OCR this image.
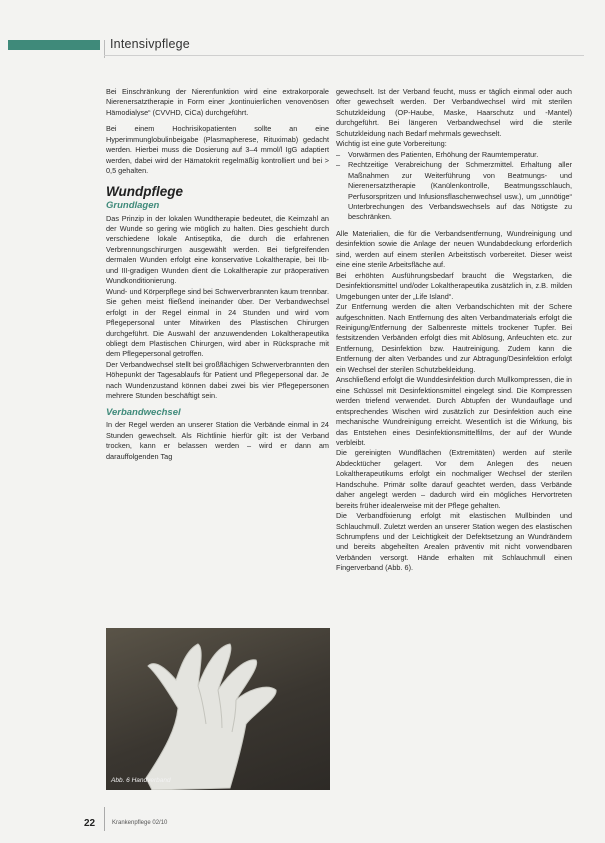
Intensivpflege

Bei Einschränkung der Nierenfunktion wird eine extrakorporale Nierenersatztherapie in Form einer „kontinuierlichen venovenösen Hämodialyse“ (CVVHD, CiCa) durchgeführt.

Bei einem Hochrisikopatienten sollte an eine Hyperimmunglobulinbeigabe (Plasmapherese, Rituximab) gedacht werden. Hierbei muss die Dosierung auf 3–4 mmol/l IgG adaptiert werden, dabei wird der Hämatokrit regelmäßig kontrolliert und bei > 0,5 gehalten.

Wundpflege
Grundlagen

Das Prinzip in der lokalen Wundtherapie bedeutet, die Keimzahl an der Wunde so gering wie möglich zu halten. Dies geschieht durch verschiedene lokale Antiseptika, die durch die erfahrenen Verbrennungschirurgen ausgewählt werden. Bei tiefgreifenden dermalen Wunden erfolgt eine konservative Lokaltherapie, bei IIb- und III-gradigen Wunden dient die Lokaltherapie zur präoperativen Wundkonditionierung.

Wund- und Körperpflege sind bei Schwerverbrannten kaum trennbar. Sie gehen meist fließend ineinander über. Der Verbandwechsel erfolgt in der Regel einmal in 24 Stunden und wird vom Pflegepersonal unter Mitwirken des Plastischen Chirurgen durchgeführt. Die Auswahl der anzuwendenden Lokaltherapeutika obliegt dem Plastischen Chirurgen, wird aber in Rücksprache mit dem Pflegepersonal getroffen.

Der Verbandwechsel stellt bei großflächigen Schwerverbrannten den Höhepunkt der Tagesablaufs für Patient und Pflegepersonal dar. Je nach Wundenzustand können dabei zwei bis vier Pflegepersonen mehrere Stunden beschäftigt sein.

Verbandwechsel

In der Regel werden an unserer Station die Verbände einmal in 24 Stunden gewechselt. Als Richtlinie hierfür gilt: ist der Verband trocken, kann er belassen werden – wird er dann am darauffolgenden Tag

gewechselt. Ist der Verband feucht, muss er täglich einmal oder auch öfter gewechselt werden. Der Verbandwechsel wird mit sterilen Schutzkleidung (OP-Haube, Maske, Haarschutz und -Mantel) durchgeführt. Bei längeren Verbandwechsel wird die sterile Schutzkleidung nach Bedarf mehrmals gewechselt.

Wichtig ist eine gute Vorbereitung:

– Vorwärmen des Patienten, Erhöhung der Raumtemperatur.
– Rechtzeitige Verabreichung der Schmerzmittel. Erhaltung aller Maßnahmen zur Weiterführung von Beatmungs- und Nierenersatztherapie (Kanülenkontrolle, Beatmungsschlauch, Perfusorspritzen und Infusionsflaschenwechsel usw.), um „unnötige“ Unterbrechungen des Verbandswechsels auf das Nötigste zu beschränken.

Alle Materialien, die für die Verbandsentfernung, Wundreinigung und desinfektion sowie die Anlage der neuen Wundabdeckung erforderlich sind, werden auf einem sterilen Arbeitstisch vorbereitet. Dieser weist eine eine sterile Arbeitsfläche auf.

Bei erhöhten Ausführungsbedarf braucht die Wegstarken, die Desinfektionsmittel und/oder Lokaltherapeutika zusätzlich in, z.B. milden Umgebungen unter der „Life Island“.

Zur Entfernung werden die alten Verbandschichten mit der Schere aufgeschnitten. Nach Entfernung des alten Verbandmaterials erfolgt die Reinigung/Entfernung der Salbenreste mittels trockener Tupfer. Bei festsitzenden Verbänden erfolgt dies mit Ablösung, Anfeuchten etc. zur Entfernung, Desinfektion bzw. Hautreinigung. Zudem kann die Entfernung der alten Verbandes und zur Abtragung/Desinfektion erfolgt ein Wechsel der sterilen Schutzbekleidung.

Anschließend erfolgt die Wunddesinfektion durch Mullkompressen, die in eine Schüssel mit Desinfektionsmittel eingelegt sind. Die Kompressen werden triefend verwendet. Durch Abtupfen der Wundauflage und entsprechendes Wischen wird zusätzlich zur Desinfektion auch eine mechanische Wundreinigung erreicht. Wesentlich ist die Wirkung, bis das Entstehen eines Desinfektionsmittelfilms, der auf der Wunde verbleibt.

Die gereinigten Wundflächen (Extremitäten) werden auf sterile Abdecktücher gelagert. Vor dem Anlegen des neuen Lokaltherapeutikums erfolgt ein nochmaliger Wechsel der sterilen Handschuhe. Primär sollte darauf geachtet werden, dass Verbände daher angelegt werden – dadurch wird ein mögliches Hervortreten bereits früher idealerweise mit der Pflege gehalten.

Die Verbandfixierung erfolgt mit elastischen Mullbinden und Schlauchmull. Zuletzt werden an unserer Station wegen des elastischen Schrumpfens und der Leichtigkeit der Defektsetzung an Wundrändern und bereits abgeheilten Arealen präventiv mit nicht vorwendbaren Verbänden versorgt. Hände erhalten mit Schlauchmull einen Fingerverband (Abb. 6).

Abb. 6 Handverband
22	Krankenpflege 02/10
